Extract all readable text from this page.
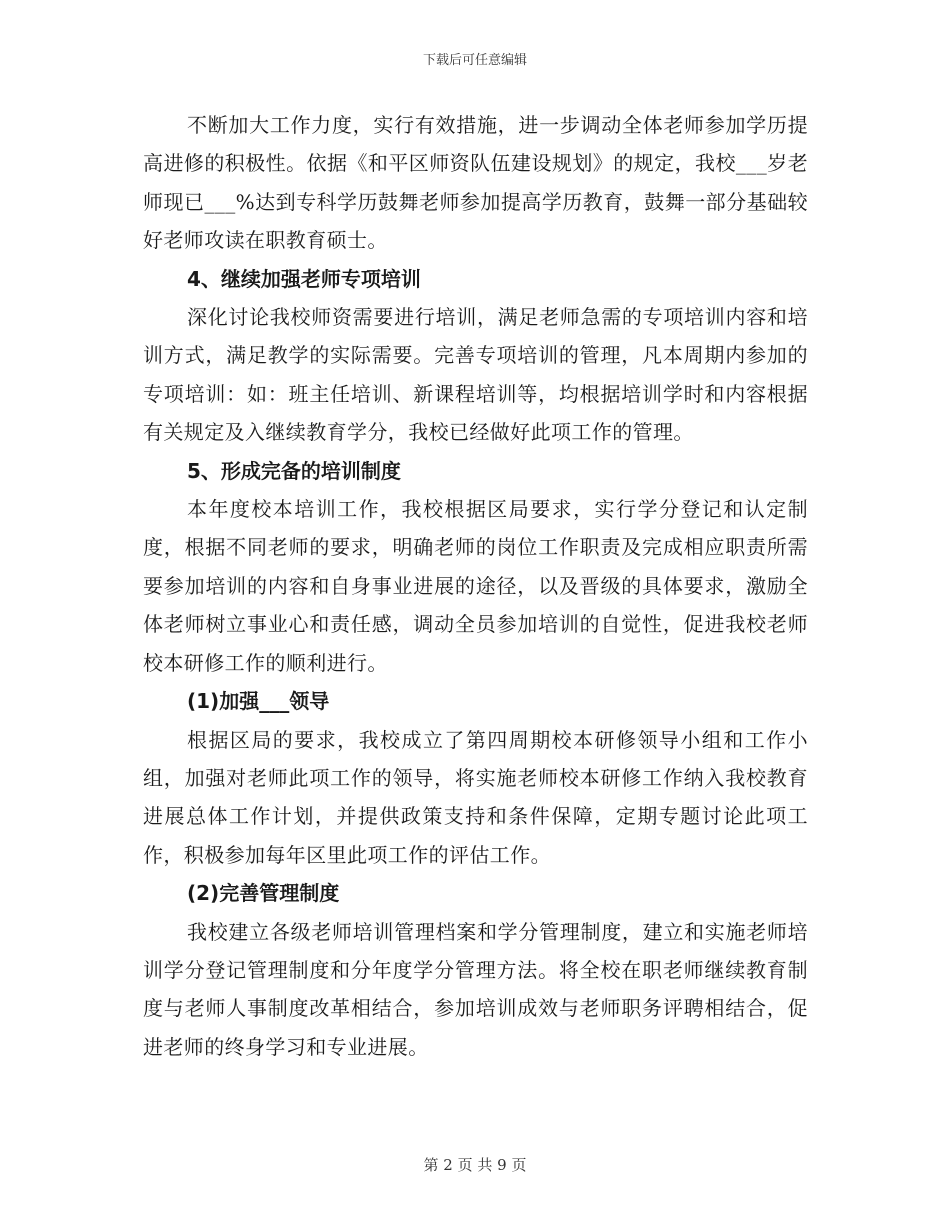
下载后可任意编辑

不断加大工作力度，实行有效措施，进一步调动全体老师参加学历提高进修的积极性。依据《和平区师资队伍建设规划》的规定，我校___岁老师现已___%达到专科学历鼓舞老师参加提高学历教育，鼓舞一部分基础较好老师攻读在职教育硕士。

4、继续加强老师专项培训

深化讨论我校师资需要进行培训，满足老师急需的专项培训内容和培训方式，满足教学的实际需要。完善专项培训的管理，凡本周期内参加的专项培训：如：班主任培训、新课程培训等，均根据培训学时和内容根据有关规定及入继续教育学分，我校已经做好此项工作的管理。

5、形成完备的培训制度

本年度校本培训工作，我校根据区局要求，实行学分登记和认定制度，根据不同老师的要求，明确老师的岗位工作职责及完成相应职责所需要参加培训的内容和自身事业进展的途径，以及晋级的具体要求，激励全体老师树立事业心和责任感，调动全员参加培训的自觉性，促进我校老师校本研修工作的顺利进行。

(1)加强___领导

根据区局的要求，我校成立了第四周期校本研修领导小组和工作小组，加强对老师此项工作的领导，将实施老师校本研修工作纳入我校教育进展总体工作计划，并提供政策支持和条件保障，定期专题讨论此项工作，积极参加每年区里此项工作的评估工作。

(2)完善管理制度

我校建立各级老师培训管理档案和学分管理制度，建立和实施老师培训学分登记管理制度和分年度学分管理方法。将全校在职老师继续教育制度与老师人事制度改革相结合，参加培训成效与老师职务评聘相结合，促进老师的终身学习和专业进展。

第 2 页 共 9 页
